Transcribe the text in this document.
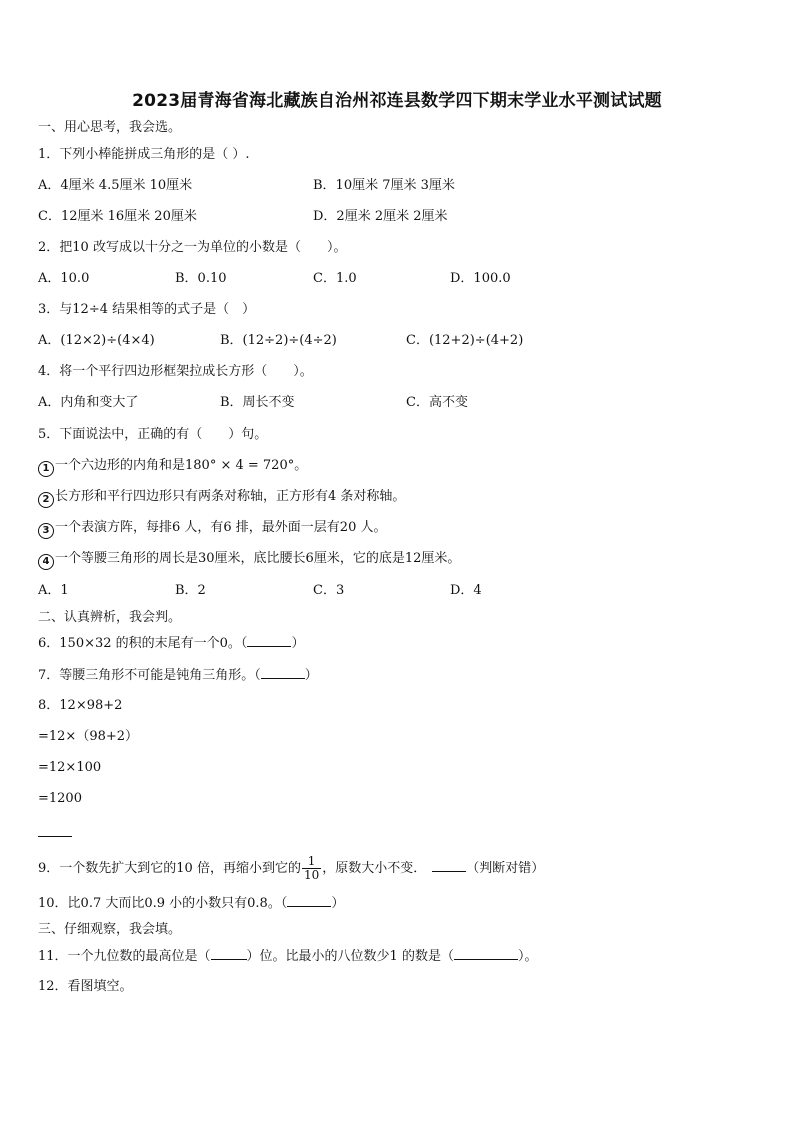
2023届青海省海北藏族自治州祁连县数学四下期末学业水平测试试题
一、用心思考，我会选。
1．下列小棒能拼成三角形的是（ ）.
A．4厘米 4.5厘米 10厘米	B．10厘米 7厘米 3厘米
C．12厘米 16厘米 20厘米	D．2厘米 2厘米 2厘米
2．把10 改写成以十分之一为单位的小数是（　　）。
A．10.0	B．0.10	C．1.0	D．100.0
3．与12÷4 结果相等的式子是（　）
A．(12×2)÷(4×4)	B．(12÷2)÷(4÷2)	C．(12+2)÷(4+2)
4．将一个平行四边形框架拉成长方形（　　）。
A．内角和变大了	B．周长不变	C．高不变
5．下面说法中，正确的有（　　）句。
1 一个六边形的内角和是180° × 4 = 720°。
2 长方形和平行四边形只有两条对称轴，正方形有4 条对称轴。
3 一个表演方阵，每排6 人，有6 排，最外面一层有20 人。
4 一个等腰三角形的周长是30厘米，底比腰长6厘米，它的底是12厘米。
A．1	B．2	C．3	D．4
二、认真辨析，我会判。
6．150×32 的积的末尾有一个0。（	）
7．等腰三角形不可能是钝角三角形。（	）
8．12×98+2
=12×（98+2）
=12×100
=1200
9．一个数先扩大到它的10 倍，再缩小到它的 $\frac{1}{10}$ ，原数大小不变．	（判断对错）
10．比0.7 大而比0.9 小的小数只有0.8。（	）
三、仔细观察，我会填。
11．一个九位数的最高位是（	）位。比最小的八位数少1 的数是（	）。
12．看图填空。
